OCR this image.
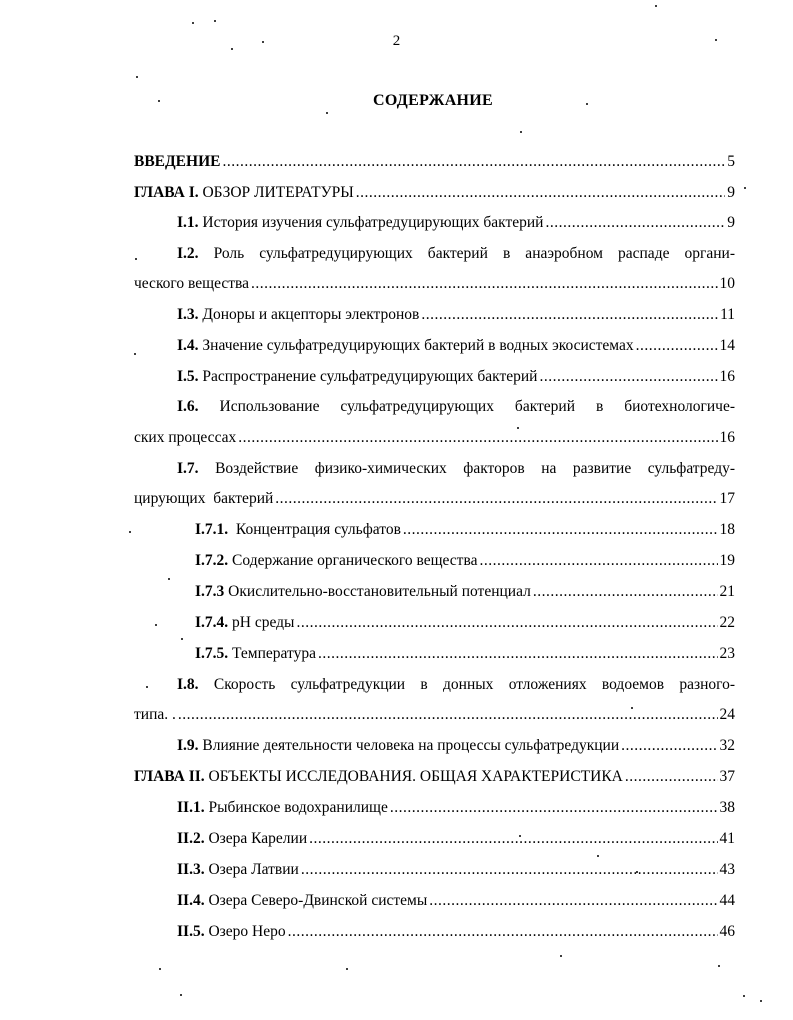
2
СОДЕРЖАНИЕ
ВВЕДЕНИЕ .....	5
ГЛАВА I. ОБЗОР ЛИТЕРАТУРЫ .....	9
I.1. История изучения сульфатредуцирующих бактерий .....	9
I.2. Роль сульфатредуцирующих бактерий в анаэробном распаде органи-
ческого вещества .....	10
I.3. Доноры и акцепторы электронов .....	11
I.4. Значение сульфатредуцирующих бактерий в водных экосистемах .....	14
I.5. Распространение сульфатредуцирующих бактерий .....	16
I.6. Использование сульфатредуцирующих бактерий в биотехнологиче-
ских процессах .....	16
I.7. Воздействие физико-химических факторов на развитие сульфатреду-
цирующих  бактерий .....	17
I.7.1. Концентрация сульфатов .....	18
I.7.2. Содержание органического вещества .....	19
I.7.3 Окислительно-восстановительный потенциал .....	21
I.7.4. pH среды .....	22
I.7.5. Температура .....	23
I.8. Скорость сульфатредукции в донных отложениях водоемов разного-
типа. . .....	24
I.9. Влияние деятельности человека на процессы сульфатредукции .....	32
ГЛАВА II. ОБЪЕКТЫ ИССЛЕДОВАНИЯ. ОБЩАЯ ХАРАКТЕРИСТИКА .....	37
II.1. Рыбинское водохранилище .....	38
II.2. Озера Карелии .....	41
II.3. Озера Латвии .....	43
II.4. Озера Северо-Двинской системы .....	44
II.5. Озеро Неро .....	46
